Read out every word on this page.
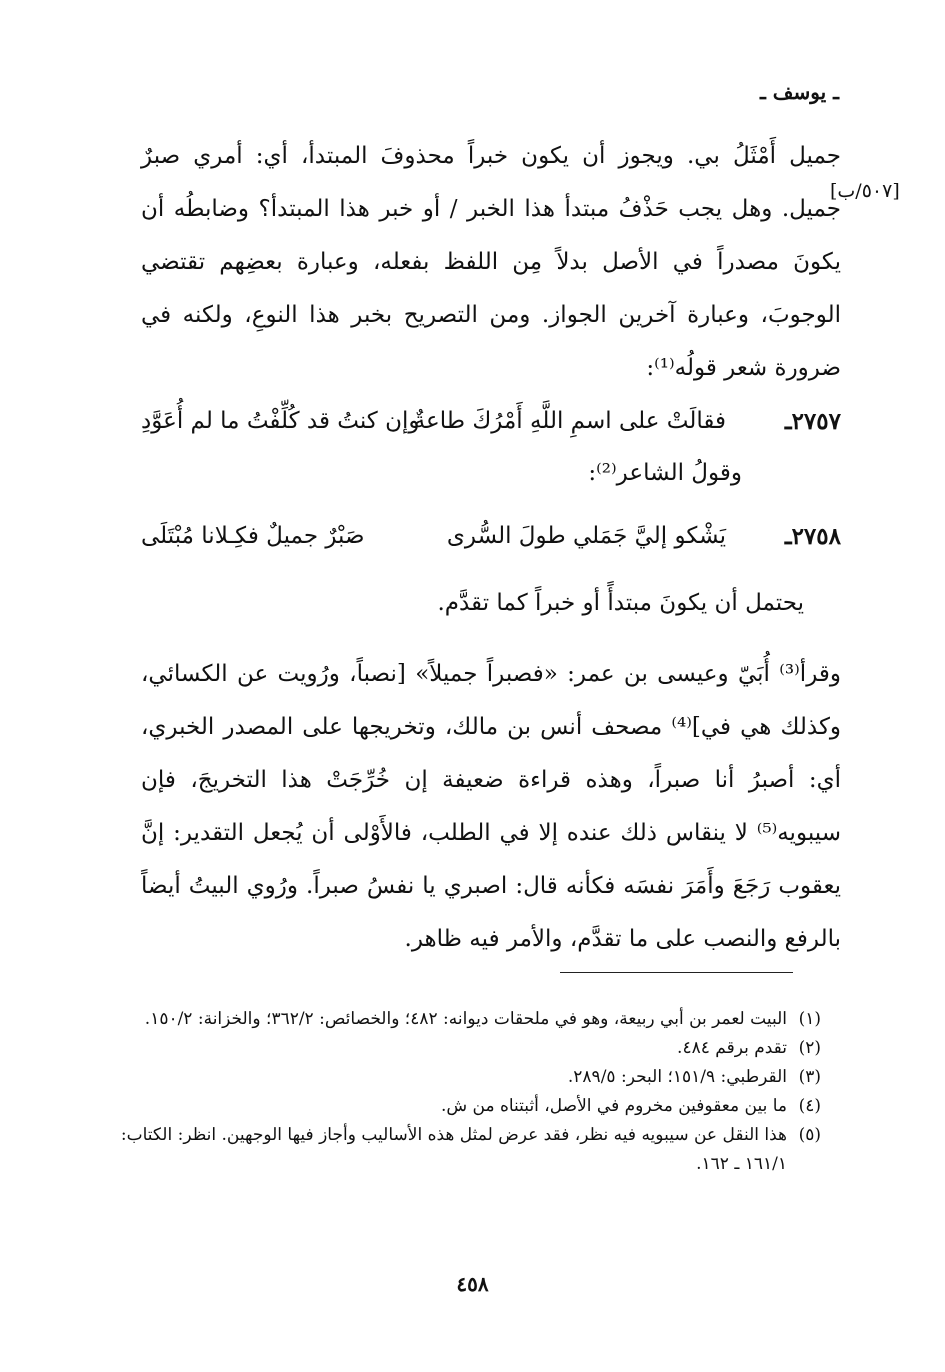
ـ يوسف ـ
[٥٠٧/ب]

جميل أَمْثَلُ بي. ويجوز أن يكون خبراً محذوفَ المبتدأ، أي: أمري صبرٌ جميل. وهل يجب حَذْفُ مبتدأ هذا الخبر / أو خبر هذا المبتدأ؟ وضابطُه أن يكونَ مصدراً في الأصل بدلاً مِن اللفظ بفعله، وعبارة بعضِهم تقتضي الوجوبَ، وعبارة آخرين الجواز. ومن التصريح بخبر هذا النوعِ، ولكنه في ضرورة شعر قولُه⁽¹⁾:

٢٧٥٧ـ
فقالَتْ على اسمِ اللَّهِ أَمْرُكَ طاعةٌ
وإن كنتُ قد كُلِّفْتُ ما لم أُعَوَّدِ
وقولُ الشاعر⁽²⁾:
٢٧٥٨ـ
يَشْكو إليَّ جَمَلي طولَ السُّرى
صَبْرٌ جميلٌ فكِـلانا مُبْتَلَى
يحتمل أن يكونَ مبتدأً أو خبراً كما تقدَّم.

وقرأ⁽³⁾ أُبَيّ وعيسى بن عمر: «فصبراً جميلاً» [نصباً، ورُويت عن الكسائي، وكذلك هي في]⁽⁴⁾ مصحف أنس بن مالك، وتخريجها على المصدر الخبري، أي: أصبرُ أنا صبراً، وهذه قراءة ضعيفة إن خُرِّجَتْ هذا التخريجَ، فإن سيبويه⁽⁵⁾ لا ينقاس ذلك عنده إلا في الطلب، فالأَوْلى أن يُجعل التقدير: إنَّ يعقوب رَجَعَ وأَمَرَ نفسَه فكأنه قال: اصبري يا نفسُ صبراً. ورُوي البيتُ أيضاً بالرفع والنصب على ما تقدَّم، والأمر فيه ظاهر.

(١)
البيت لعمر بن أبي ربيعة، وهو في ملحقات ديوانه: ٤٨٢؛ والخصائص: ٣٦٢/٢؛ والخزانة: ١٥٠/٢.
(٢)
تقدم برقم ٤٨٤.
(٣)
القرطبي: ١٥١/٩؛ البحر: ٢٨٩/٥.
(٤)
ما بين معقوفين مخروم في الأصل، أثبتناه من ش.
(٥)
هذا النقل عن سيبويه فيه نظر، فقد عرض لمثل هذه الأساليب وأجاز فيها الوجهين. انظر: الكتاب: ١٦١/١ ـ ١٦٢.
٤٥٨
